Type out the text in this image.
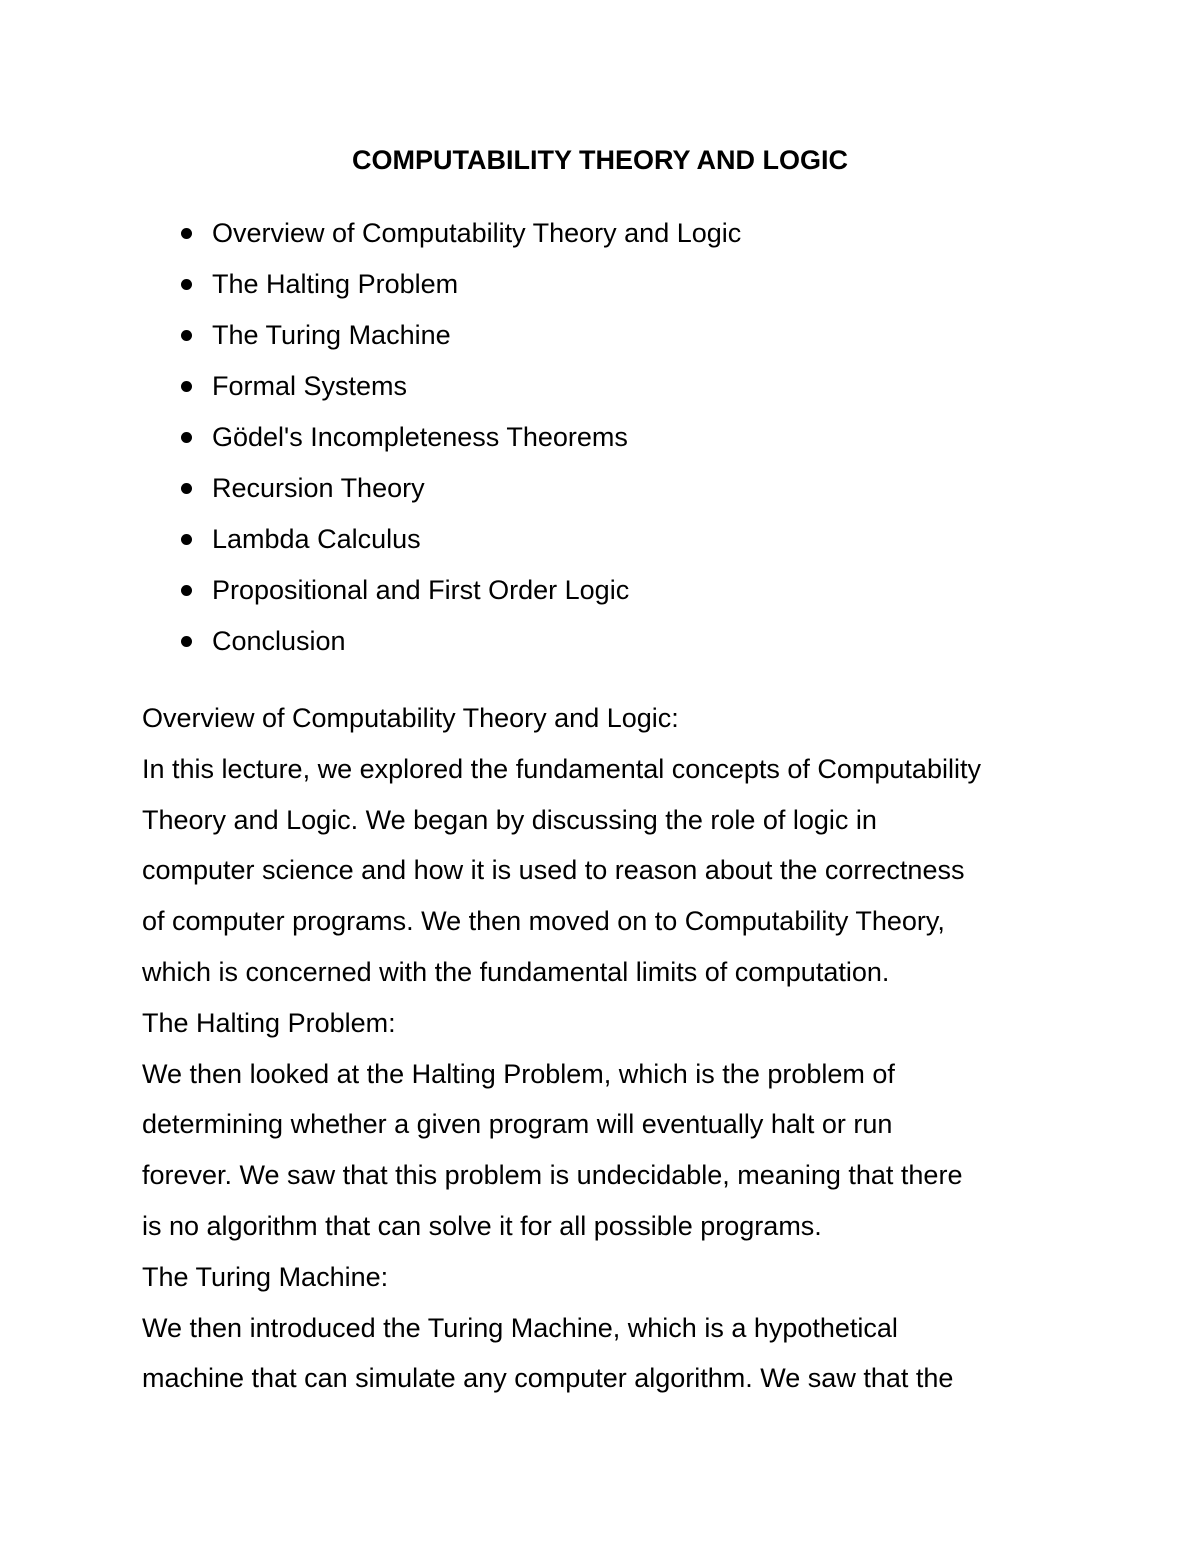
COMPUTABILITY THEORY AND LOGIC
Overview of Computability Theory and Logic
The Halting Problem
The Turing Machine
Formal Systems
Gödel's Incompleteness Theorems
Recursion Theory
Lambda Calculus
Propositional and First Order Logic
Conclusion
Overview of Computability Theory and Logic:
In this lecture, we explored the fundamental concepts of Computability
Theory and Logic. We began by discussing the role of logic in
computer science and how it is used to reason about the correctness
of computer programs. We then moved on to Computability Theory,
which is concerned with the fundamental limits of computation.
The Halting Problem:
We then looked at the Halting Problem, which is the problem of
determining whether a given program will eventually halt or run
forever. We saw that this problem is undecidable, meaning that there
is no algorithm that can solve it for all possible programs.
The Turing Machine:
We then introduced the Turing Machine, which is a hypothetical
machine that can simulate any computer algorithm. We saw that the
